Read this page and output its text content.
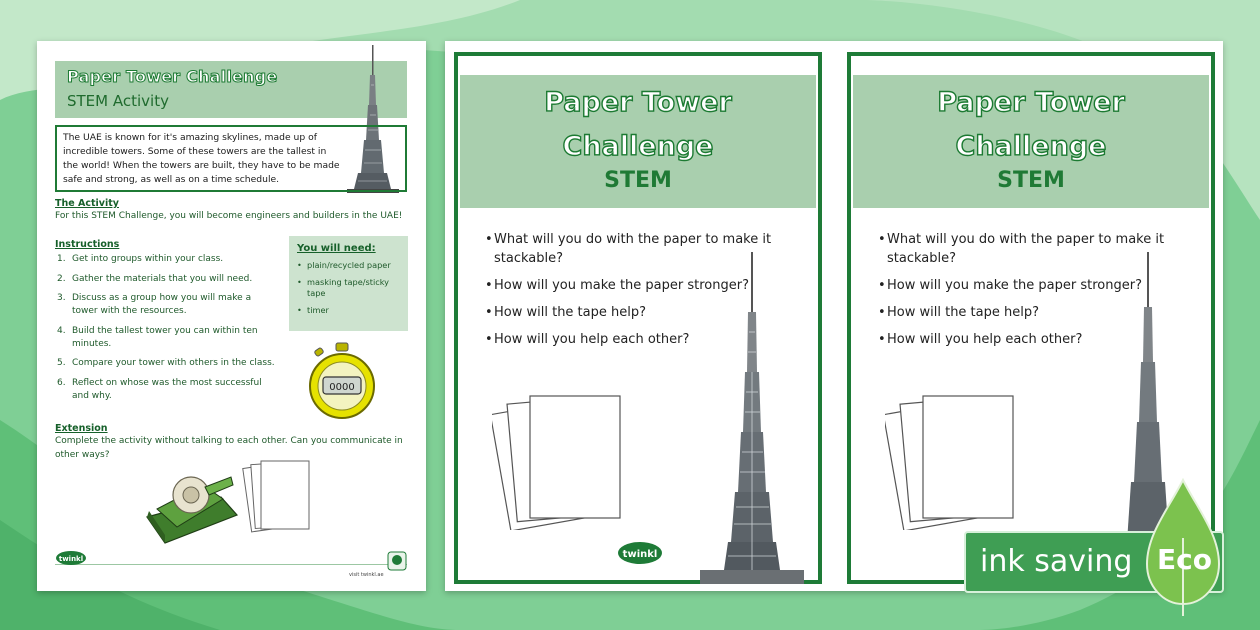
Paper Tower Challenge
STEM Activity
The UAE is known for it's amazing skylines, made up of incredible towers. Some of these towers are the tallest in the world! When the towers are built, they have to be made safe and strong, as well as on a time schedule.
The Activity
For this STEM Challenge, you will become engineers and builders in the UAE!
Instructions
1. Get into groups within your class.
2. Gather the materials that you will need.
3. Discuss as a group how you will make a tower with the resources.
4. Build the tallest tower you can within ten minutes.
5. Compare your tower with others in the class.
6. Reflect on whose was the most successful and why.
You will need:
• plain/recycled paper
• masking tape/sticky tape
• timer
0000
Extension
Complete the activity without talking to each other. Can you communicate in other ways?
twinkl
visit twinkl.ae
Paper Tower
Challenge
STEM
• What will you do with the paper to make it stackable?
• How will you make the paper stronger?
• How will the tape help?
• How will you help each other?
twinkl
Paper Tower
Challenge
STEM
• What will you do with the paper to make it stackable?
• How will you make the paper stronger?
• How will the tape help?
• How will you help each other?
ink saving Eco
